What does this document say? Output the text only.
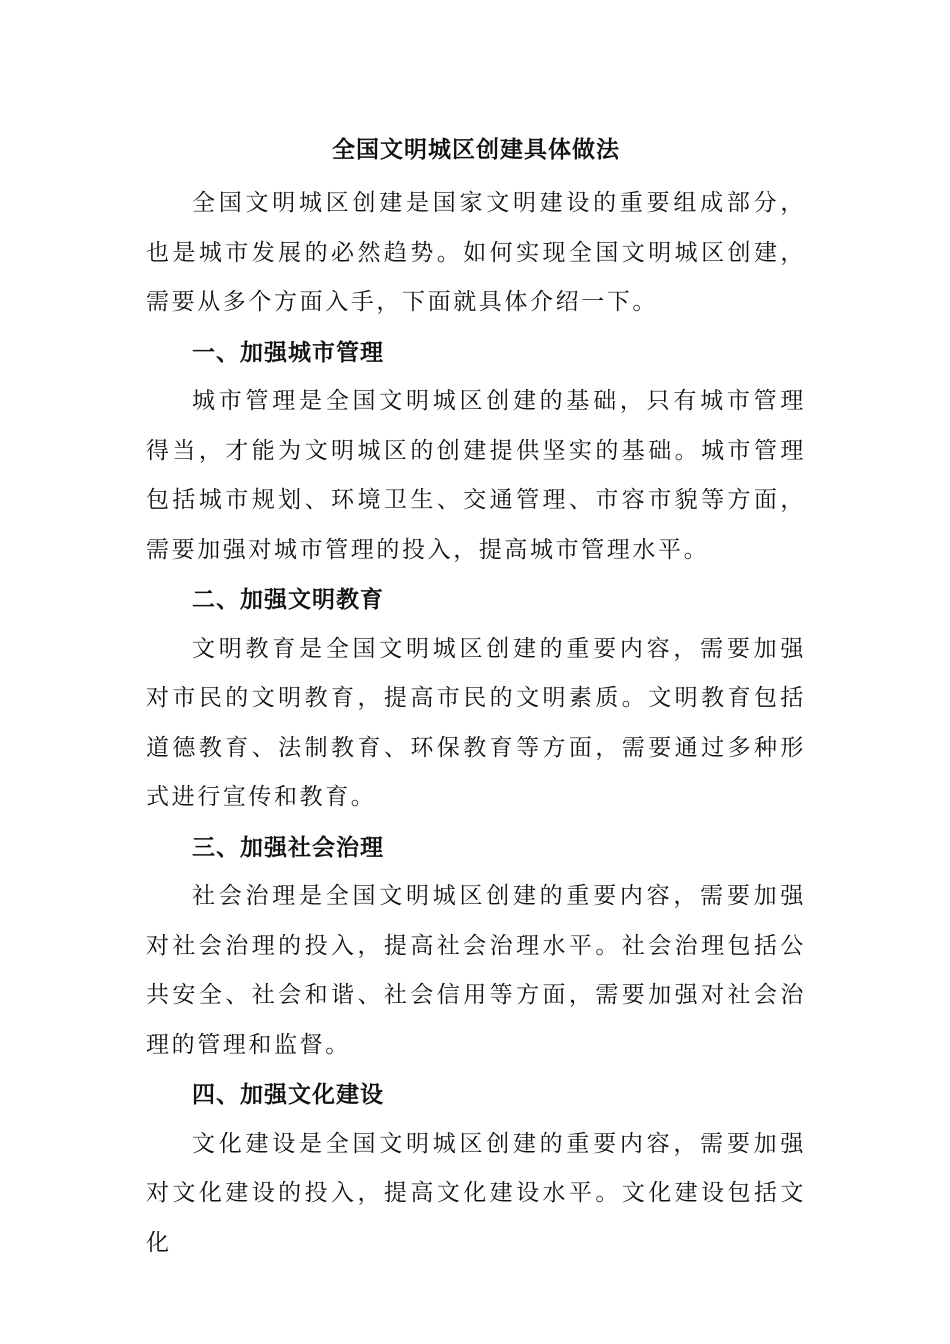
全国文明城区创建具体做法

全国文明城区创建是国家文明建设的重要组成部分，也是城市发展的必然趋势。如何实现全国文明城区创建，需要从多个方面入手，下面就具体介绍一下。

一、加强城市管理

城市管理是全国文明城区创建的基础，只有城市管理得当，才能为文明城区的创建提供坚实的基础。城市管理包括城市规划、环境卫生、交通管理、市容市貌等方面，需要加强对城市管理的投入，提高城市管理水平。

二、加强文明教育

文明教育是全国文明城区创建的重要内容，需要加强对市民的文明教育，提高市民的文明素质。文明教育包括道德教育、法制教育、环保教育等方面，需要通过多种形式进行宣传和教育。

三、加强社会治理

社会治理是全国文明城区创建的重要内容，需要加强对社会治理的投入，提高社会治理水平。社会治理包括公共安全、社会和谐、社会信用等方面，需要加强对社会治理的管理和监督。

四、加强文化建设

文化建设是全国文明城区创建的重要内容，需要加强对文化建设的投入，提高文化建设水平。文化建设包括文化
